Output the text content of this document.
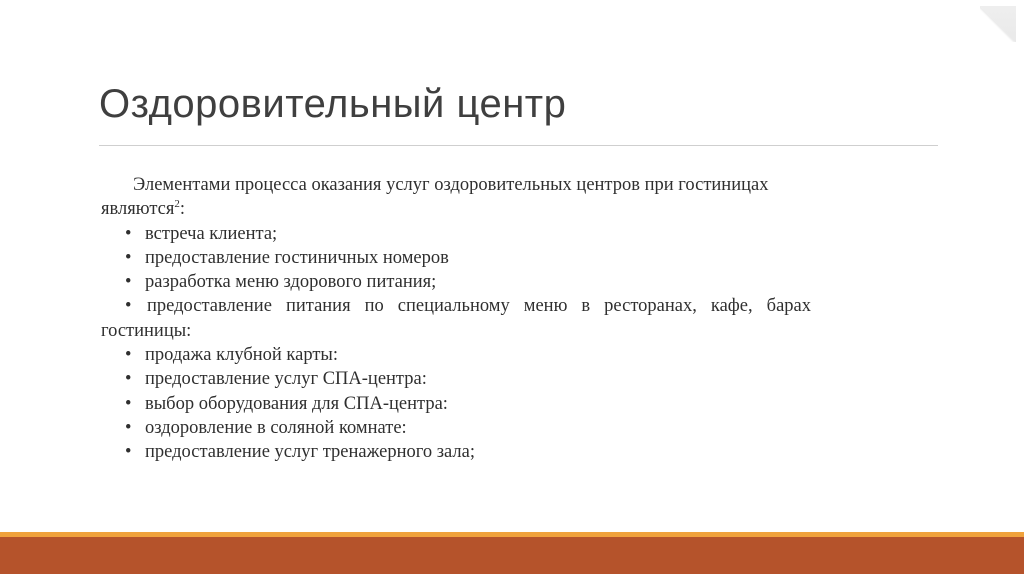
Оздоровительный центр

Элементами процесса оказания услуг оздоровительных центров при гостиницах являются$^2$:

• встреча клиента;
• предоставление гостиничных номеров
• разработка меню здорового питания;
• предоставление питания по специальному меню в ресторанах, кафе, барах гостиницы:
• продажа клубной карты:
• предоставление услуг СПА-центра:
• выбор оборудования для СПА-центра:
• оздоровление в соляной комнате:
• предоставление услуг тренажерного зала;
